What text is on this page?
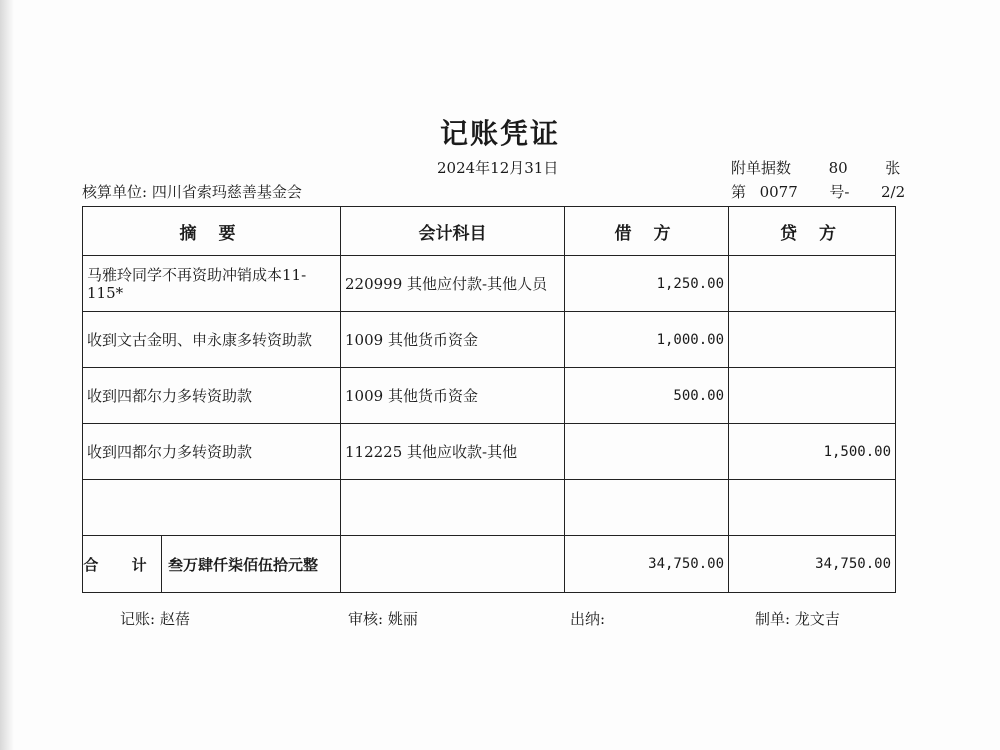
记账凭证
2024年12月31日	附单据数	80	张
核算单位: 四川省索玛慈善基金会	第 0077 号- 2/2
摘 要	会计科目	借 方	贷 方
马雅玲同学不再资助冲销成本11-115*	220999 其他应付款-其他人员	1,250.00	
收到文古金明、申永康多转资助款	1009 其他货币资金	1,000.00	
收到四都尔力多转资助款	1009 其他货币资金	500.00	
收到四都尔力多转资助款	112225 其他应收款-其他		1,500.00

合 计 叁万肆仟柒佰伍拾元整		34,750.00	34,750.00
记账: 赵蓓	审核: 姚丽	出纳:	制单: 龙文吉
